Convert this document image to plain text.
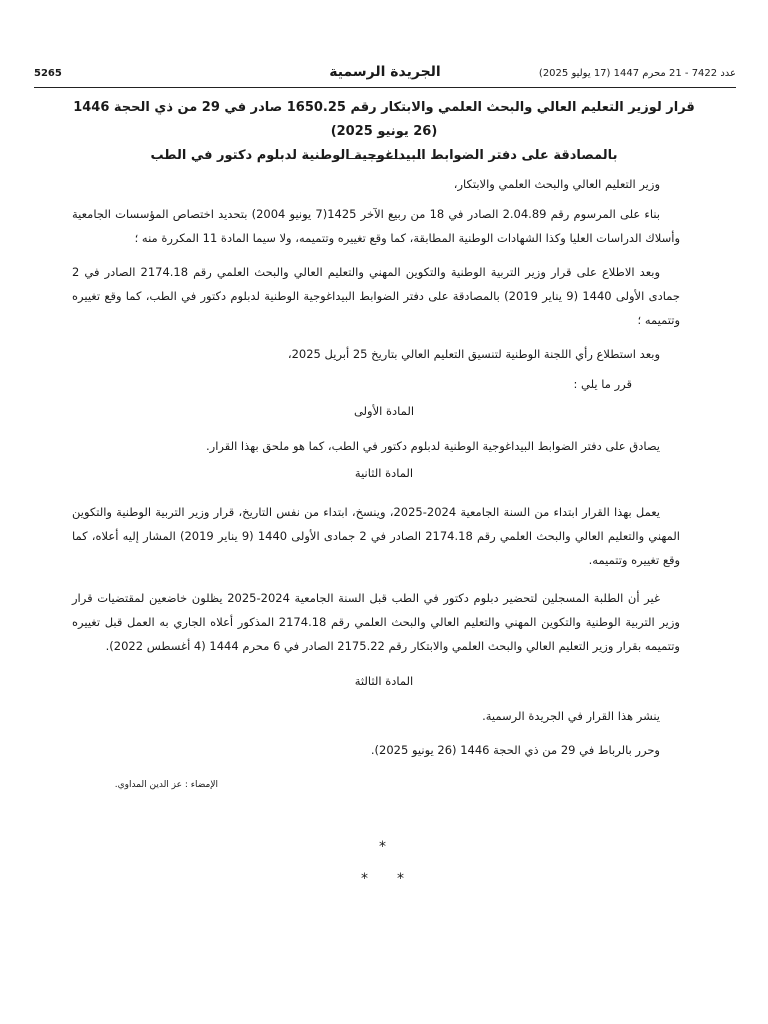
5265	الجريدة الرسمية	عدد 7422 - 21 محرم 1447 (17 يوليو 2025)
قرار لوزير التعليم العالي والبحث العلمي والابتكار رقم 1650.25 صادر في 29 من ذي الحجة 1446 (26 يونيو 2025)
بالمصادقة على دفتر الضوابط البيداغوجية الوطنية لدبلوم دكتور في الطب

وزير التعليم العالي والبحث العلمي والابتكار،

بناء على المرسوم رقم 2.04.89 الصادر في 18 من ربيع الآخر 1425(7 يونيو 2004) بتحديد اختصاص المؤسسات الجامعية وأسلاك الدراسات العليا وكذا الشهادات الوطنية المطابقة، كما وقع تغييره وتتميمه، ولا سيما المادة 11 المكررة منه ؛

وبعد الاطلاع على قرار وزير التربية الوطنية والتكوين المهني والتعليم العالي والبحث العلمي رقم 2174.18 الصادر في 2 جمادى الأولى 1440 (9 يناير 2019) بالمصادقة على دفتر الضوابط البيداغوجية الوطنية لدبلوم دكتور في الطب، كما وقع تغييره وتتميمه ؛

وبعد استطلاع رأي اللجنة الوطنية لتنسيق التعليم العالي بتاريخ 25 أبريل 2025،

قرر ما يلي :

المادة الأولى

يصادق على دفتر الضوابط البيداغوجية الوطنية لدبلوم دكتور في الطب، كما هو ملحق بهذا القرار.

المادة الثانية

يعمل بهذا القرار ابتداء من السنة الجامعية 2024-2025، وينسخ، ابتداء من نفس التاريخ، قرار وزير التربية الوطنية والتكوين المهني والتعليم العالي والبحث العلمي رقم 2174.18 الصادر في 2 جمادى الأولى 1440 (9 يناير 2019) المشار إليه أعلاه، كما وقع تغييره وتتميمه.

غير أن الطلبة المسجلين لتحضير دبلوم دكتور في الطب قبل السنة الجامعية 2024-2025 يظلون خاضعين لمقتضيات قرار وزير التربية الوطنية والتكوين المهني والتعليم العالي والبحث العلمي رقم 2174.18 المذكور أعلاه الجاري به العمل قبل تغييره وتتميمه بقرار وزير التعليم العالي والبحث العلمي والابتكار رقم 2175.22 الصادر في 6 محرم 1444 (4 أغسطس 2022).

المادة الثالثة

ينشر هذا القرار في الجريدة الرسمية.

وحرر بالرباط في 29 من ذي الحجة 1446 (26 يونيو 2025).

الإمضاء : عز الدين المداوي.
*
* *
